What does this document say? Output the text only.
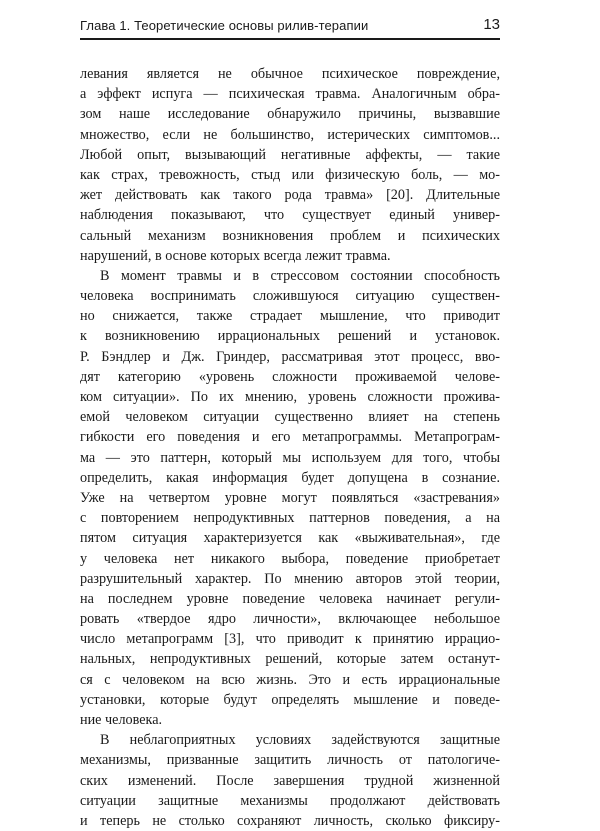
Глава 1. Теоретические основы рилив-терапии	13
левания является не обычное психическое повреждение,
а эффект испуга — психическая травма. Аналогичным обра-
зом наше исследование обнаружило причины, вызвавшие
множество, если не большинство, истерических симптомов...
Любой опыт, вызывающий негативные аффекты, — такие
как страх, тревожность, стыд или физическую боль, — мо-
жет действовать как такого рода травма» [20]. Длительные
наблюдения показывают, что существует единый универ-
сальный механизм возникновения проблем и психических
нарушений, в основе которых всегда лежит травма.
В момент травмы и в стрессовом состоянии способность
человека воспринимать сложившуюся ситуацию существен-
но снижается, также страдает мышление, что приводит
к возникновению иррациональных решений и установок.
Р. Бэндлер и Дж. Гриндер, рассматривая этот процесс, вво-
дят категорию «уровень сложности проживаемой челове-
ком ситуации». По их мнению, уровень сложности прожива-
емой человеком ситуации существенно влияет на степень
гибкости его поведения и его метапрограммы. Метапрограм-
ма — это паттерн, который мы используем для того, чтобы
определить, какая информация будет допущена в сознание.
Уже на четвертом уровне могут появляться «застревания»
с повторением непродуктивных паттернов поведения, а на
пятом ситуация характеризуется как «выживательная», где
у человека нет никакого выбора, поведение приобретает
разрушительный характер. По мнению авторов этой теории,
на последнем уровне поведение человека начинает регули-
ровать «твердое ядро личности», включающее небольшое
число метапрограмм [3], что приводит к принятию иррацио-
нальных, непродуктивных решений, которые затем останут-
ся с человеком на всю жизнь. Это и есть иррациональные
установки, которые будут определять мышление и поведе-
ние человека.
В неблагоприятных условиях задействуются защитные
механизмы, призванные защитить личность от патологиче-
ских изменений. После завершения трудной жизненной
ситуации защитные механизмы продолжают действовать
и теперь не столько сохраняют личность, сколько фиксиру-
